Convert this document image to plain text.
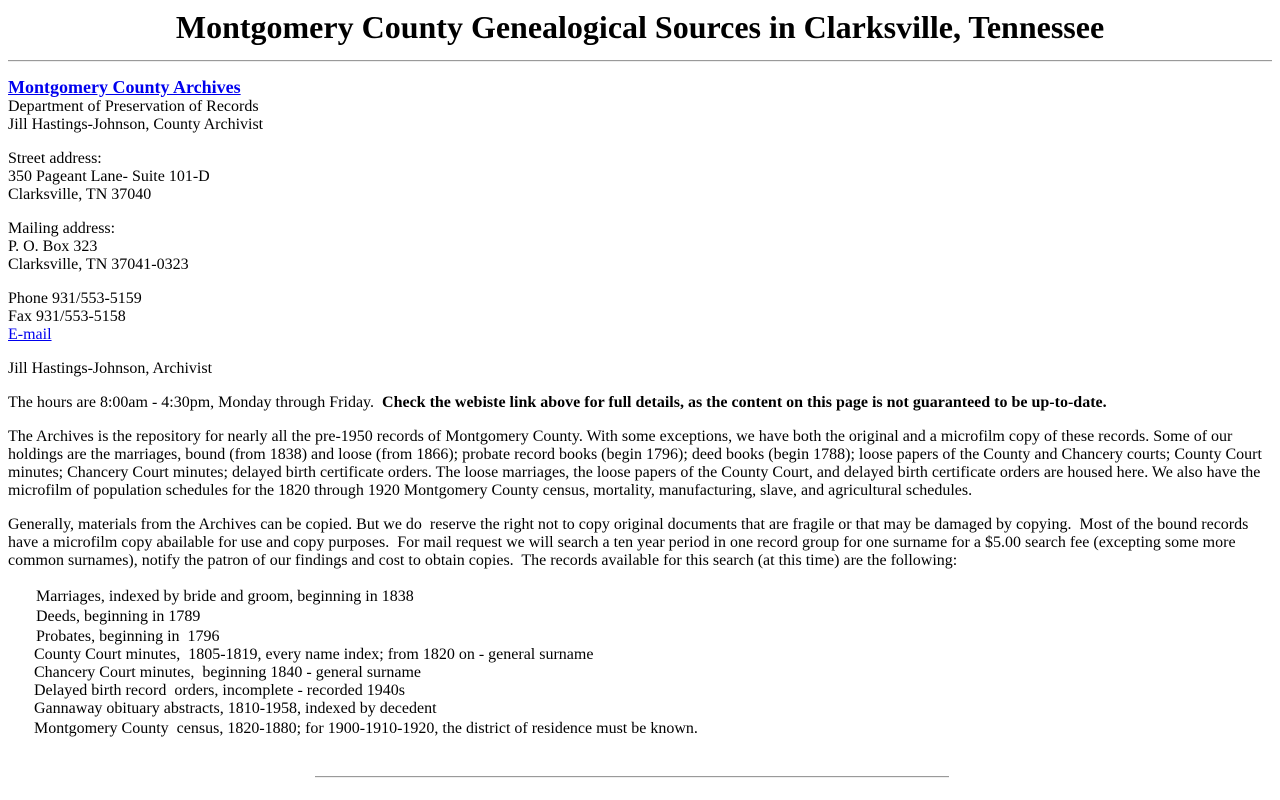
Montgomery County Genealogical Sources in Clarksville, Tennessee
Montgomery County Archives
Department of Preservation of Records
Jill Hastings-Johnson, County Archivist
Street address:
350 Pageant Lane- Suite 101-D
Clarksville, TN 37040
Mailing address:
P. O. Box 323
Clarksville, TN 37041-0323
Phone 931/553-5159
Fax 931/553-5158
E-mail

Jill Hastings-Johnson, Archivist

The hours are 8:00am - 4:30pm, Monday through Friday.  Check the webiste link above for full details, as the content on this page is not guaranteed to be up-to-date.

The Archives is the repository for nearly all the pre-1950 records of Montgomery County. With some exceptions, we have both the original and a microfilm copy of these records. Some of our holdings are the marriages, bound (from 1838) and loose (from 1866); probate record books (begin 1796); deed books (begin 1788); loose papers of the County and Chancery courts; County Court minutes; Chancery Court minutes; delayed birth certificate orders. The loose marriages, the loose papers of the County Court, and delayed birth certificate orders are housed here. We also have the microfilm of population schedules for the 1820 through 1920 Montgomery County census, mortality, manufacturing, slave, and agricultural schedules.

Generally, materials from the Archives can be copied. But we do  reserve the right not to copy original documents that are fragile or that may be damaged by copying.  Most of the bound records have a microfilm copy abailable for use and copy purposes.  For mail request we will search a ten year period in one record group for one surname for a $5.00 search fee (excepting some more common surnames), notify the patron of our findings and cost to obtain copies.  The records available for this search (at this time) are the following:

Marriages, indexed by bride and groom, beginning in 1838
Deeds, beginning in 1789
Probates, beginning in  1796
County Court minutes,  1805-1819, every name index; from 1820 on - general surname
Chancery Court minutes,  beginning 1840 - general surname
Delayed birth record  orders, incomplete - recorded 1940s
Gannaway obituary abstracts, 1810-1958, indexed by decedent
Montgomery County  census, 1820-1880; for 1900-1910-1920, the district of residence must be known.
